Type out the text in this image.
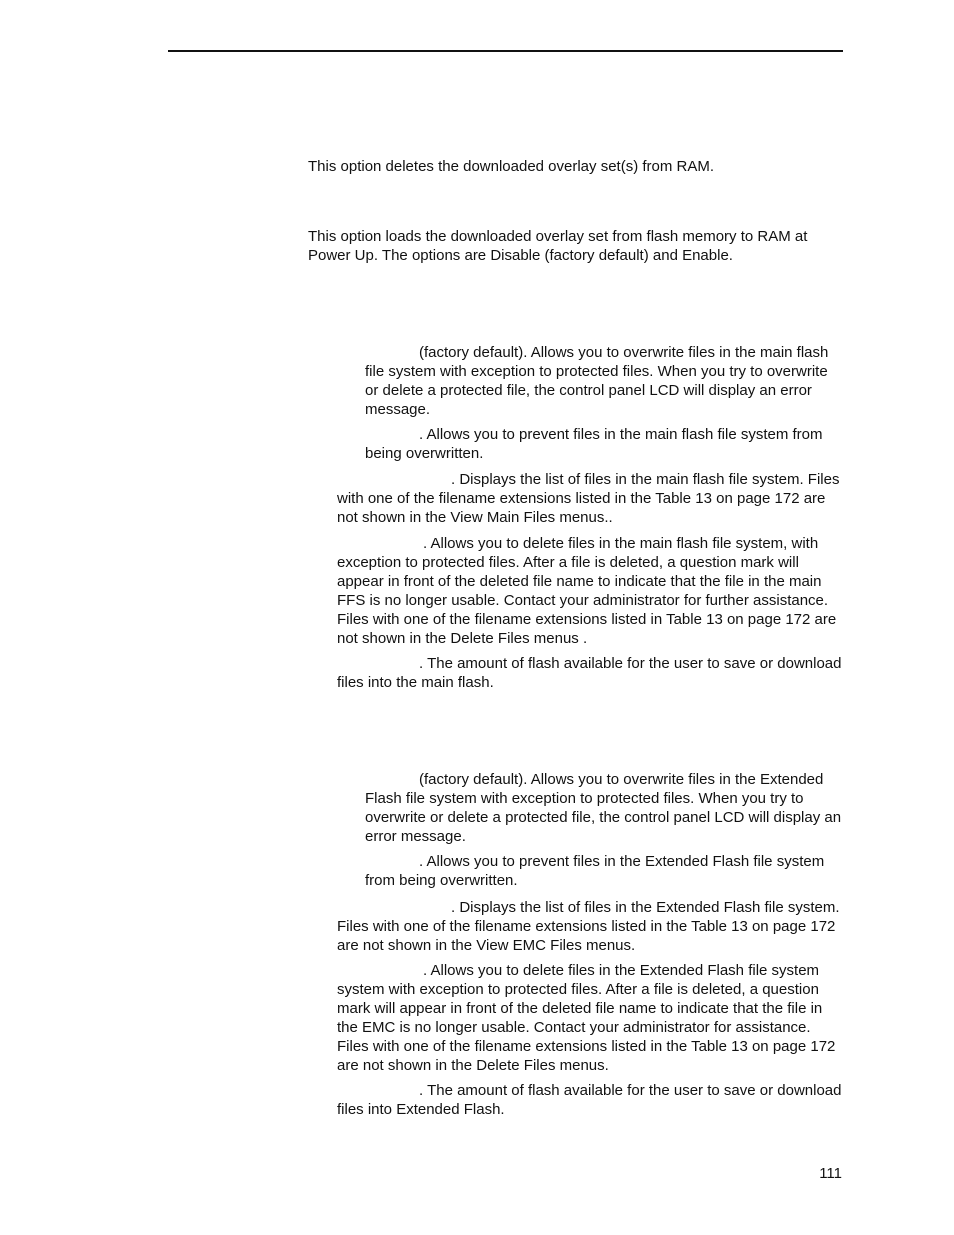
This option deletes the downloaded overlay set(s) from RAM.

This option loads the downloaded overlay set from flash memory to RAM at Power Up. The options are Disable (factory default) and Enable.

(factory default). Allows you to overwrite files in the main flash file system with exception to protected files. When you try to overwrite or delete a protected file, the control panel LCD will display an error message.

. Allows you to prevent files in the main flash file system from being overwritten.

. Displays the list of files in the main flash file system. Files with one of the filename extensions listed in the Table 13 on page 172 are not shown in the View Main Files menus..

. Allows you to delete files in the main flash file system, with exception to protected files. After a file is deleted, a question mark will appear in front of the deleted file name to indicate that the file in the main FFS is no longer usable. Contact your administrator for further assistance. Files with one of the filename extensions listed in Table 13 on page 172 are not shown in the Delete Files menus .

. The amount of flash available for the user to save or download files into the main flash.

(factory default). Allows you to overwrite files in the Extended Flash file system with exception to protected files. When you try to overwrite or delete a protected file, the control panel LCD will display an error message.

. Allows you to prevent files in the Extended Flash file system from being overwritten.

. Displays the list of files in the Extended Flash file system. Files with one of the filename extensions listed in the Table 13 on page 172 are not shown in the View EMC Files menus.

. Allows you to delete files in the Extended Flash file system system with exception to protected files. After a file is deleted, a question mark will appear in front of the deleted file name to indicate that the file in the EMC is no longer usable. Contact your administrator for assistance. Files with one of the filename extensions listed in the Table 13 on page 172 are not shown in the Delete Files menus.

. The amount of flash available for the user to save or download files into Extended Flash.

111
